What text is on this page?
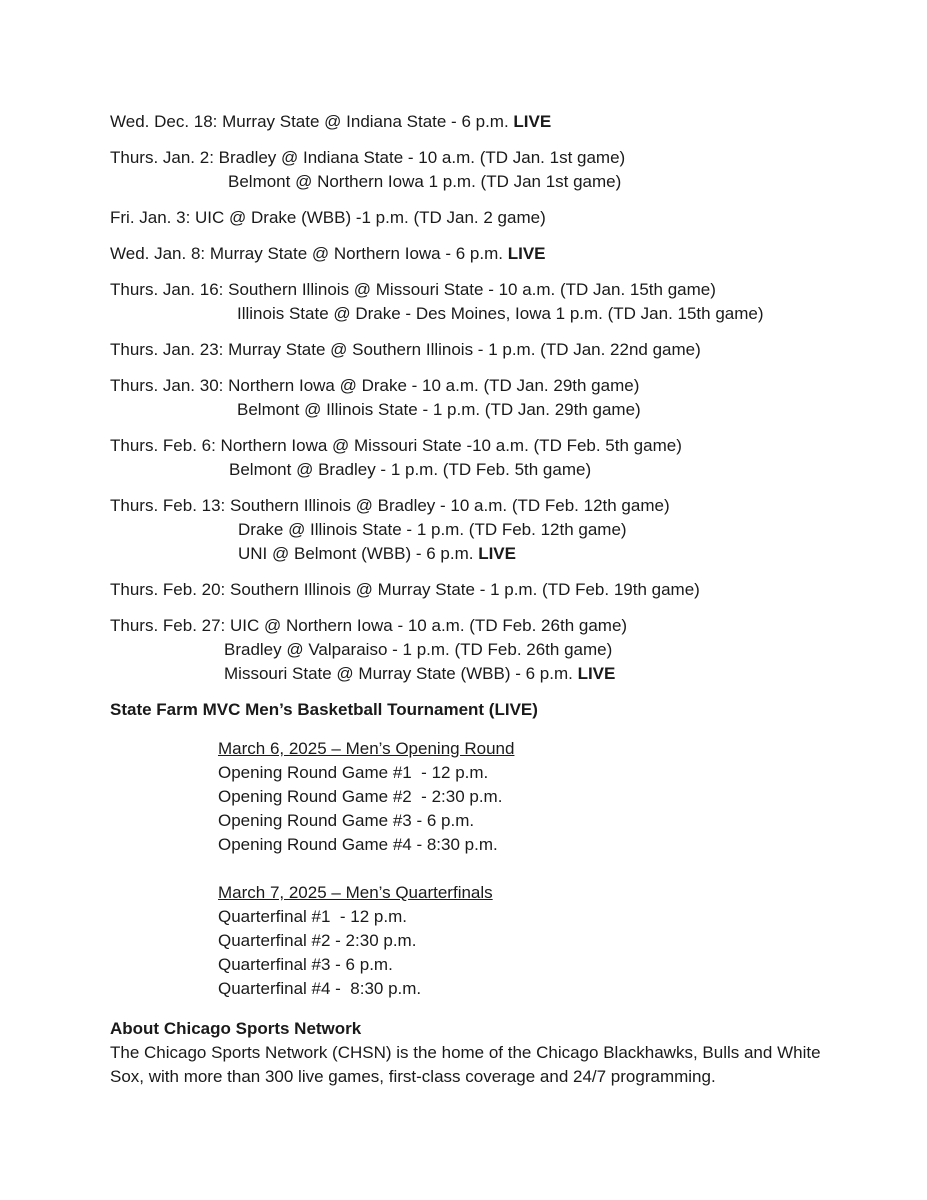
Wed. Dec. 18: Murray State @ Indiana State - 6 p.m. LIVE
Thurs. Jan. 2: Bradley @ Indiana State - 10 a.m. (TD Jan. 1st game)
Belmont @ Northern Iowa 1 p.m. (TD Jan 1st game)
Fri. Jan. 3: UIC @ Drake (WBB) -1 p.m. (TD Jan. 2 game)
Wed. Jan. 8: Murray State @ Northern Iowa - 6 p.m. LIVE
Thurs. Jan. 16: Southern Illinois @ Missouri State - 10 a.m. (TD Jan. 15th game)
Illinois State @ Drake - Des Moines, Iowa 1 p.m. (TD Jan. 15th game)
Thurs. Jan. 23: Murray State @ Southern Illinois - 1 p.m. (TD Jan. 22nd game)
Thurs. Jan. 30: Northern Iowa @ Drake - 10 a.m. (TD Jan. 29th game)
Belmont @ Illinois State - 1 p.m. (TD Jan. 29th game)
Thurs. Feb. 6: Northern Iowa @ Missouri State -10 a.m. (TD Feb. 5th game)
Belmont @ Bradley - 1 p.m. (TD Feb. 5th game)
Thurs. Feb. 13: Southern Illinois @ Bradley - 10 a.m. (TD Feb. 12th game)
Drake @ Illinois State - 1 p.m. (TD Feb. 12th game)
UNI @ Belmont (WBB) - 6 p.m. LIVE
Thurs. Feb. 20: Southern Illinois @ Murray State - 1 p.m. (TD Feb. 19th game)
Thurs. Feb. 27: UIC @ Northern Iowa - 10 a.m. (TD Feb. 26th game)
Bradley @ Valparaiso - 1 p.m. (TD Feb. 26th game)
Missouri State @ Murray State (WBB) - 6 p.m. LIVE
State Farm MVC Men’s Basketball Tournament (LIVE)
March 6, 2025 – Men’s Opening Round
Opening Round Game #1  - 12 p.m.
Opening Round Game #2  - 2:30 p.m.
Opening Round Game #3 - 6 p.m.
Opening Round Game #4 - 8:30 p.m.
March 7, 2025 – Men’s Quarterfinals
Quarterfinal #1  - 12 p.m.
Quarterfinal #2 - 2:30 p.m.
Quarterfinal #3 - 6 p.m.
Quarterfinal #4 -  8:30 p.m.
About Chicago Sports Network
The Chicago Sports Network (CHSN) is the home of the Chicago Blackhawks, Bulls and White Sox, with more than 300 live games, first-class coverage and 24/7 programming.
